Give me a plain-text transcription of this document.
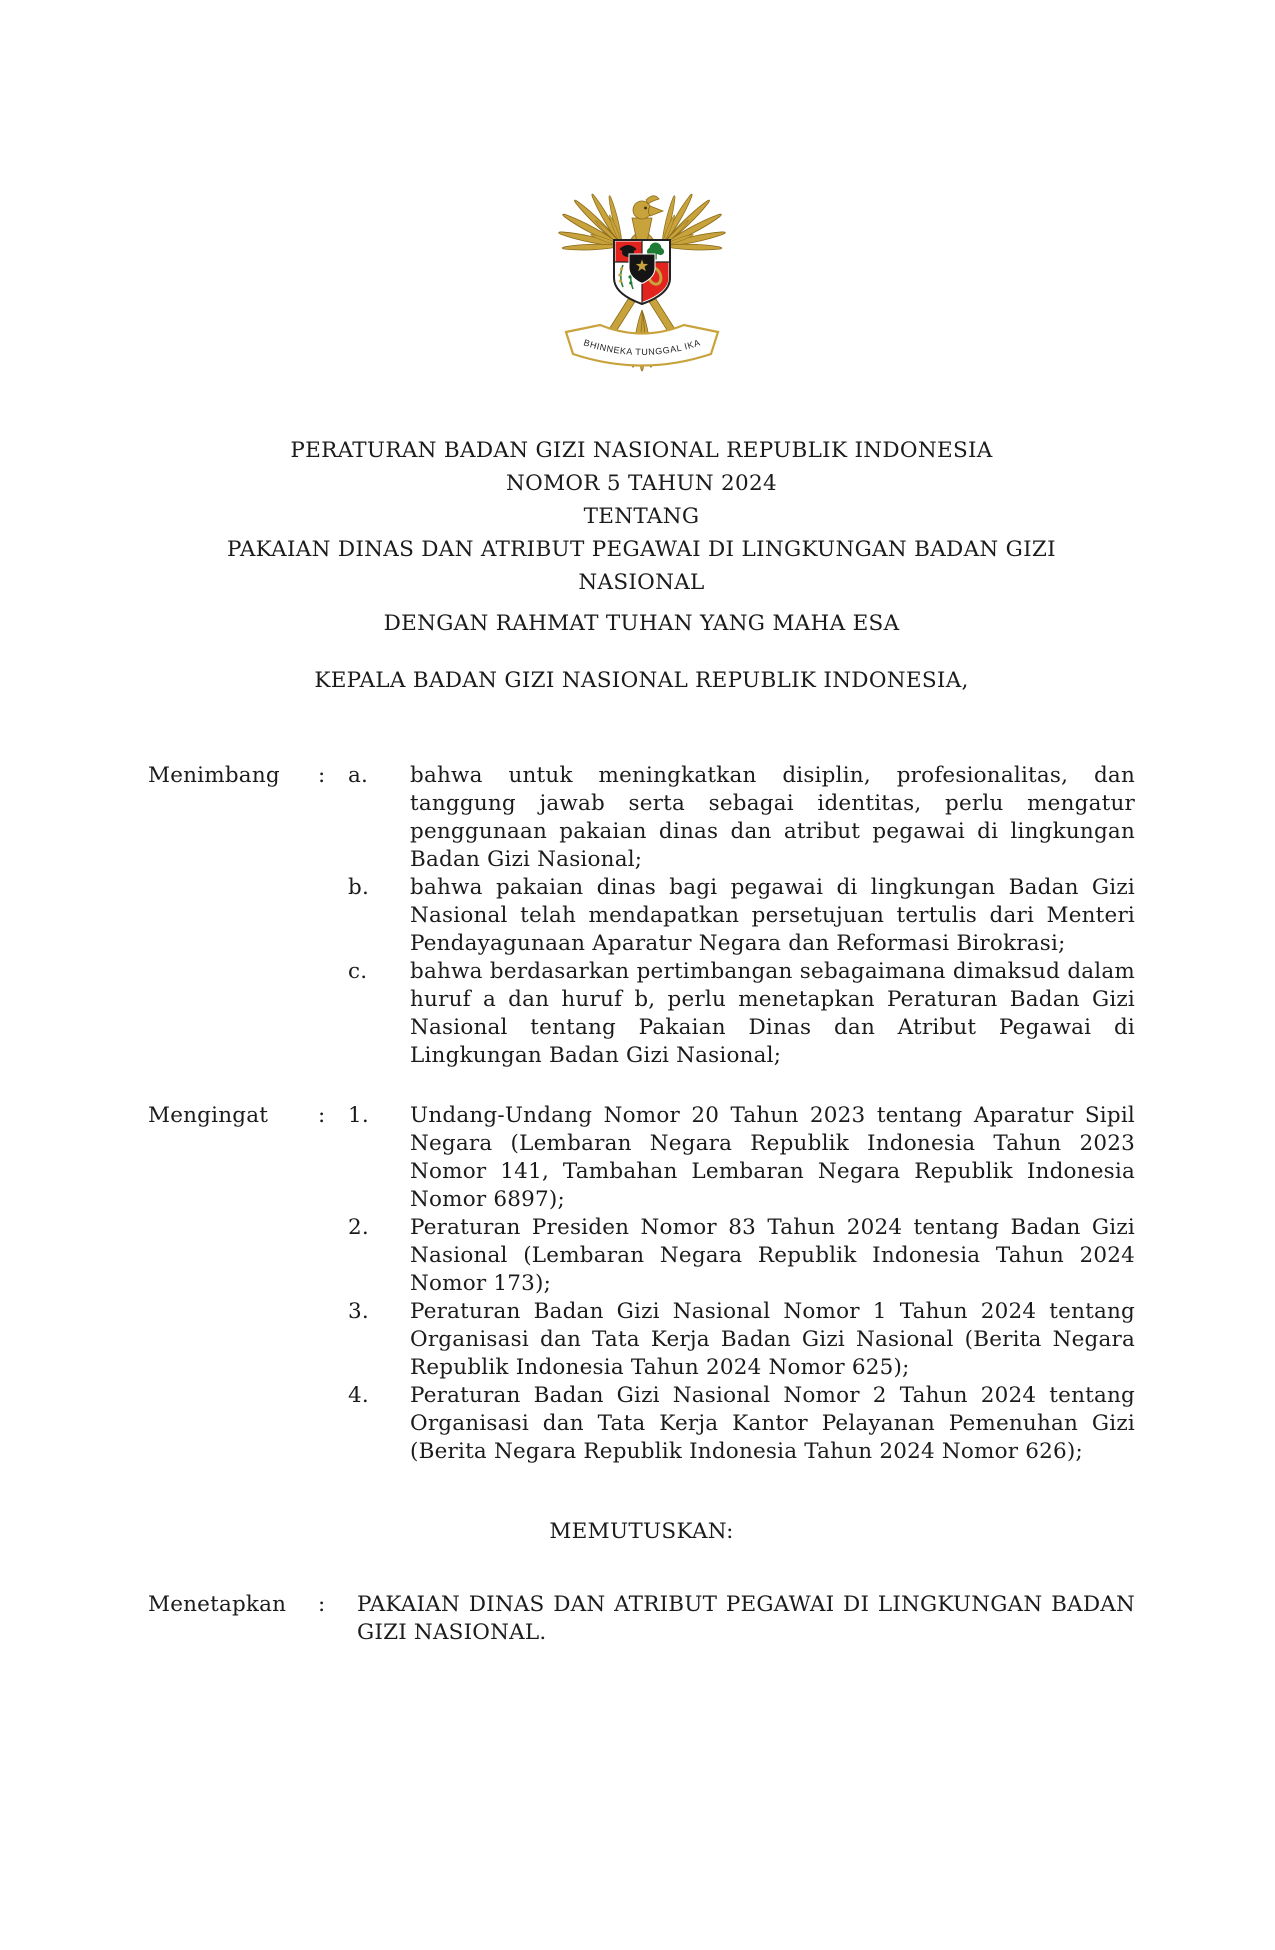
BHINNEKA TUNGGAL IKA
PERATURAN BADAN GIZI NASIONAL REPUBLIK INDONESIA
NOMOR 5 TAHUN 2024
TENTANG
PAKAIAN DINAS DAN ATRIBUT PEGAWAI DI LINGKUNGAN BADAN GIZI
NASIONAL
DENGAN RAHMAT TUHAN YANG MAHA ESA
KEPALA BADAN GIZI NASIONAL REPUBLIK INDONESIA,
Menimbang	:	a.	bahwa untuk meningkatkan disiplin, profesionalitas, dan tanggung jawab serta sebagai identitas, perlu mengatur penggunaan pakaian dinas dan atribut pegawai di lingkungan Badan Gizi Nasional;
b.	bahwa pakaian dinas bagi pegawai di lingkungan Badan Gizi Nasional telah mendapatkan persetujuan tertulis dari Menteri Pendayagunaan Aparatur Negara dan Reformasi Birokrasi;
c.	bahwa berdasarkan pertimbangan sebagaimana dimaksud dalam huruf a dan huruf b, perlu menetapkan Peraturan Badan Gizi Nasional tentang Pakaian Dinas dan Atribut Pegawai di Lingkungan Badan Gizi Nasional;
Mengingat	:	1.	Undang-Undang Nomor 20 Tahun 2023 tentang Aparatur Sipil Negara (Lembaran Negara Republik Indonesia Tahun 2023 Nomor 141, Tambahan Lembaran Negara Republik Indonesia Nomor 6897);
2.	Peraturan Presiden Nomor 83 Tahun 2024 tentang Badan Gizi Nasional (Lembaran Negara Republik Indonesia Tahun 2024 Nomor 173);
3.	Peraturan Badan Gizi Nasional Nomor 1 Tahun 2024 tentang Organisasi dan Tata Kerja Badan Gizi Nasional (Berita Negara Republik Indonesia Tahun 2024 Nomor 625);
4.	Peraturan Badan Gizi Nasional Nomor 2 Tahun 2024 tentang Organisasi dan Tata Kerja Kantor Pelayanan Pemenuhan Gizi (Berita Negara Republik Indonesia Tahun 2024 Nomor 626);
MEMUTUSKAN:
Menetapkan	:	PAKAIAN DINAS DAN ATRIBUT PEGAWAI DI LINGKUNGAN BADAN GIZI NASIONAL.
